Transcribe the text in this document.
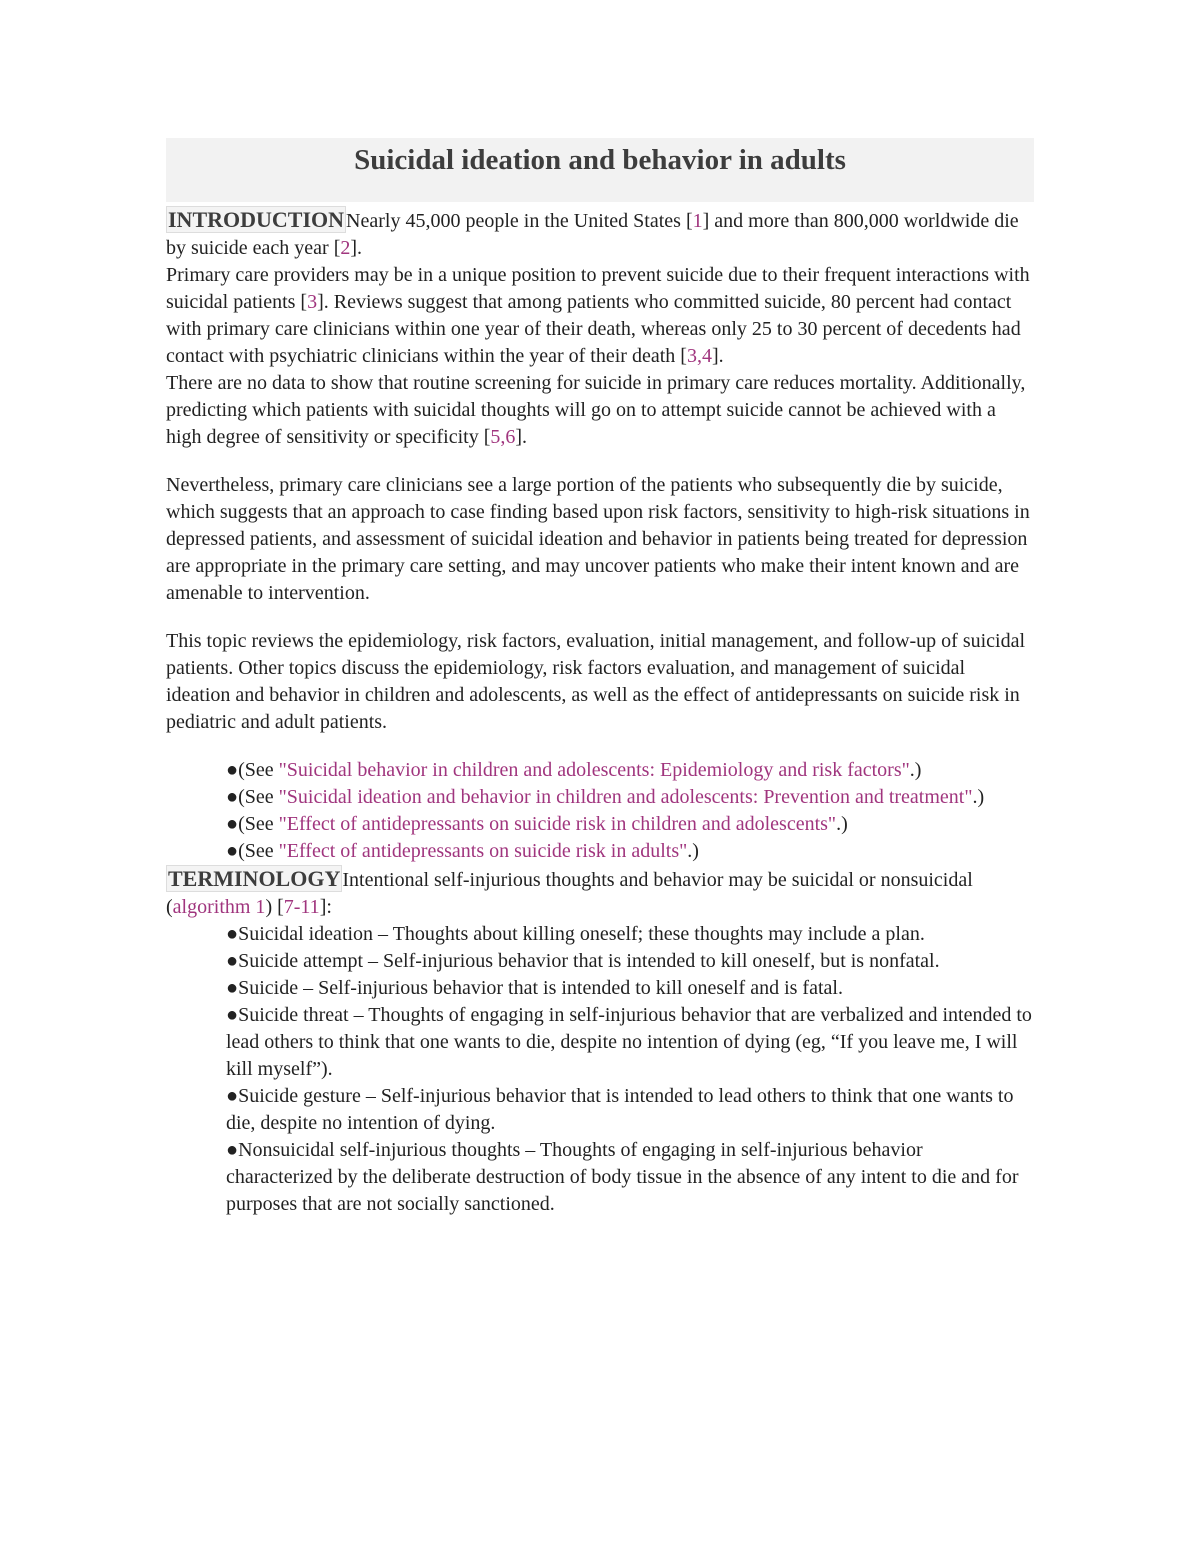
Suicidal ideation and behavior in adults

INTRODUCTION Nearly 45,000 people in the United States [1] and more than 800,000 worldwide die by suicide each year [2].

Primary care providers may be in a unique position to prevent suicide due to their frequent interactions with suicidal patients [3]. Reviews suggest that among patients who committed suicide, 80 percent had contact with primary care clinicians within one year of their death, whereas only 25 to 30 percent of decedents had contact with psychiatric clinicians within the year of their death [3,4].

There are no data to show that routine screening for suicide in primary care reduces mortality. Additionally, predicting which patients with suicidal thoughts will go on to attempt suicide cannot be achieved with a high degree of sensitivity or specificity [5,6].

Nevertheless, primary care clinicians see a large portion of the patients who subsequently die by suicide, which suggests that an approach to case finding based upon risk factors, sensitivity to high-risk situations in depressed patients, and assessment of suicidal ideation and behavior in patients being treated for depression are appropriate in the primary care setting, and may uncover patients who make their intent known and are amenable to intervention.

This topic reviews the epidemiology, risk factors, evaluation, initial management, and follow-up of suicidal patients. Other topics discuss the epidemiology, risk factors evaluation, and management of suicidal ideation and behavior in children and adolescents, as well as the effect of antidepressants on suicide risk in pediatric and adult patients.

●(See "Suicidal behavior in children and adolescents: Epidemiology and risk factors".)

●(See "Suicidal ideation and behavior in children and adolescents: Prevention and treatment".)

●(See "Effect of antidepressants on suicide risk in children and adolescents".)

●(See "Effect of antidepressants on suicide risk in adults".)

TERMINOLOGY Intentional self-injurious thoughts and behavior may be suicidal or nonsuicidal (algorithm 1) [7-11]:

●Suicidal ideation – Thoughts about killing oneself; these thoughts may include a plan.

●Suicide attempt – Self-injurious behavior that is intended to kill oneself, but is nonfatal.

●Suicide – Self-injurious behavior that is intended to kill oneself and is fatal.

●Suicide threat – Thoughts of engaging in self-injurious behavior that are verbalized and intended to lead others to think that one wants to die, despite no intention of dying (eg, “If you leave me, I will kill myself”).

●Suicide gesture – Self-injurious behavior that is intended to lead others to think that one wants to die, despite no intention of dying.

●Nonsuicidal self-injurious thoughts – Thoughts of engaging in self-injurious behavior characterized by the deliberate destruction of body tissue in the absence of any intent to die and for purposes that are not socially sanctioned.
